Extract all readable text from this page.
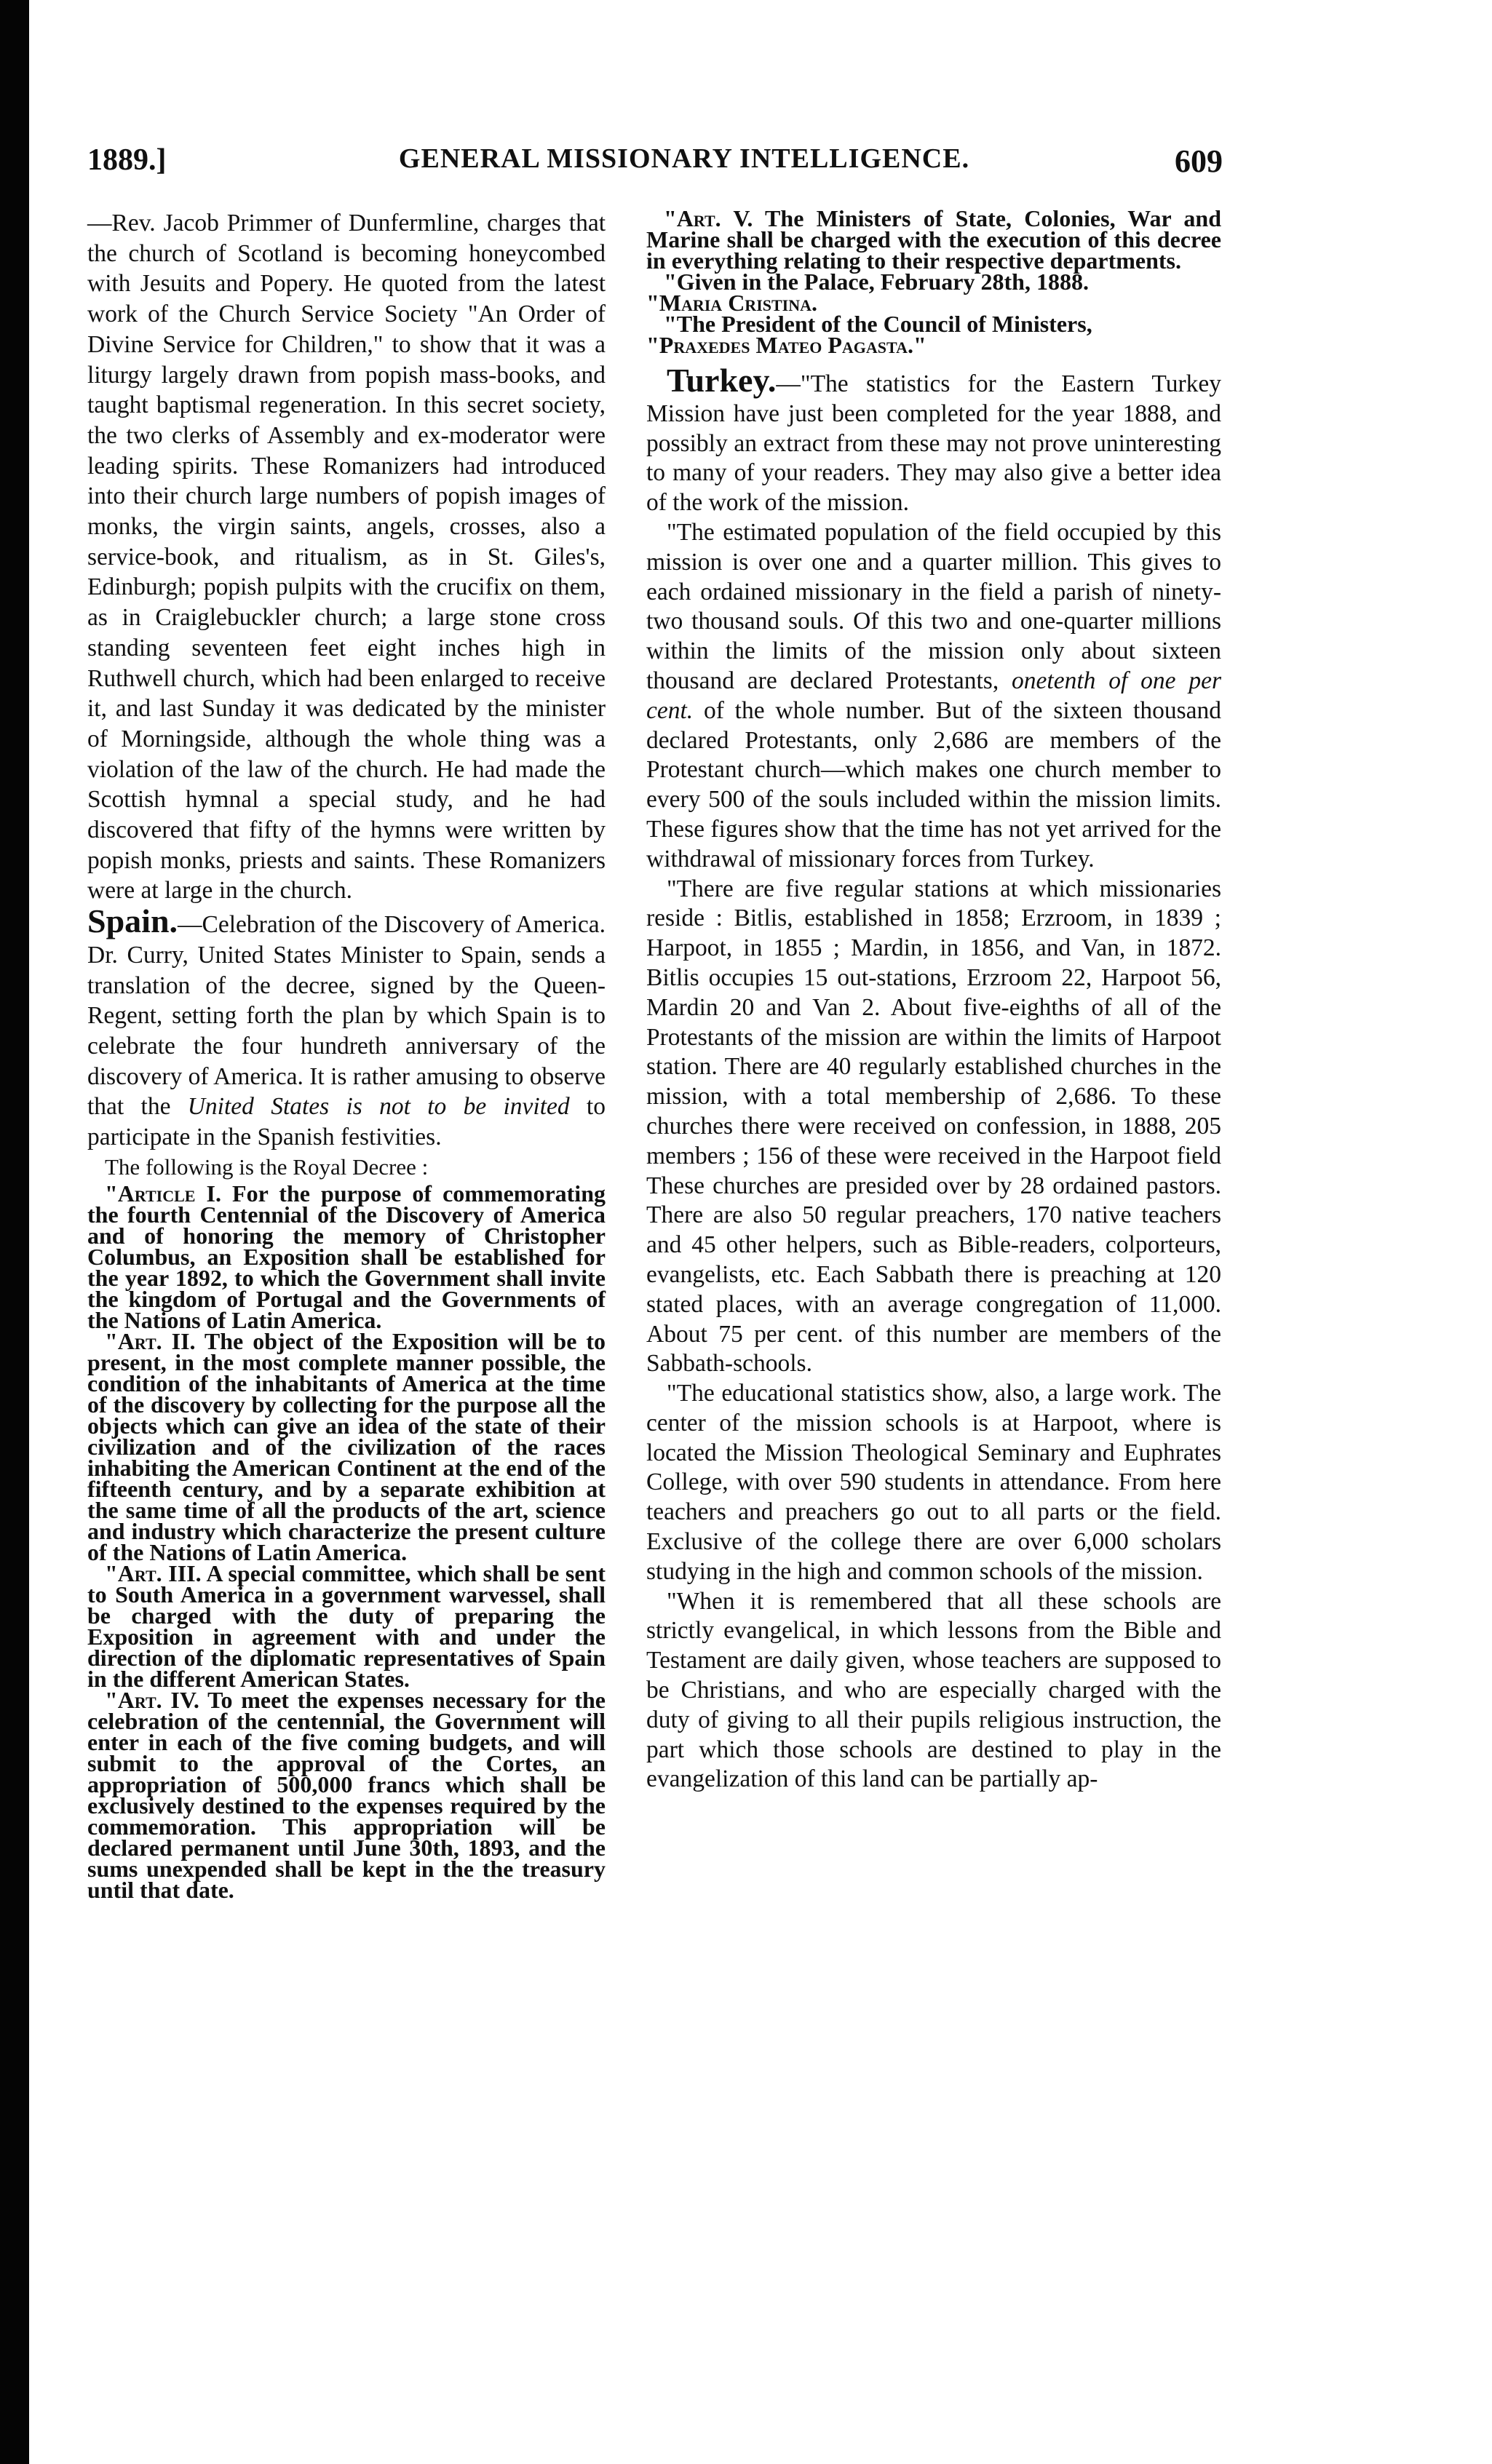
1889.]	GENERAL MISSIONARY INTELLIGENCE.	609

—Rev. Jacob Primmer of Dunfermline, charges that the church of Scotland is becoming honeycombed with Jesuits and Popery. He quoted from the latest work of the Church Service Society "An Order of Divine Service for Children," to show that it was a liturgy largely drawn from popish mass-books, and taught baptismal regeneration. In this secret society, the two clerks of Assembly and ex-moderator were leading spirits. These Romanizers had introduced into their church large numbers of popish images of monks, the virgin saints, angels, crosses, also a service-book, and ritualism, as in St. Giles's, Edinburgh; popish pulpits with the crucifix on them, as in Craiglebuckler church; a large stone cross standing seventeen feet eight inches high in Ruthwell church, which had been enlarged to receive it, and last Sunday it was dedicated by the minister of Morningside, although the whole thing was a violation of the law of the church. He had made the Scottish hymnal a special study, and he had discovered that fifty of the hymns were written by popish monks, priests and saints. These Romanizers were at large in the church.

Spain.—Celebration of the Discovery of America. Dr. Curry, United States Minister to Spain, sends a translation of the decree, signed by the Queen-Regent, setting forth the plan by which Spain is to celebrate the four hundreth anniversary of the discovery of America. It is rather amusing to observe that the United States is not to be invited to participate in the Spanish festivities.

The following is the Royal Decree :

"Article I. For the purpose of commemorating the fourth Centennial of the Discovery of America and of honoring the memory of Christopher Columbus, an Exposition shall be established for the year 1892, to which the Government shall invite the kingdom of Portugal and the Governments of the Nations of Latin America.

"Art. II. The object of the Exposition will be to present, in the most complete manner possible, the condition of the inhabitants of America at the time of the discovery by collecting for the purpose all the objects which can give an idea of the state of their civilization and of the civilization of the races inhabiting the American Continent at the end of the fifteenth century, and by a separate exhibition at the same time of all the products of the art, science and industry which characterize the present culture of the Nations of Latin America.

"Art. III. A special committee, which shall be sent to South America in a government warvessel, shall be charged with the duty of preparing the Exposition in agreement with and under the direction of the diplomatic representatives of Spain in the different American States.

"Art. IV. To meet the expenses necessary for the celebration of the centennial, the Government will enter in each of the five coming budgets, and will submit to the approval of the Cortes, an appropriation of 500,000 francs which shall be exclusively destined to the expenses required by the commemoration. This appropriation will be declared permanent until June 30th, 1893, and the sums unexpended shall be kept in the the treasury until that date.

"Art. V. The Ministers of State, Colonies, War and Marine shall be charged with the execution of this decree in everything relating to their respective departments.

"Given in the Palace, February 28th, 1888.

"Maria Cristina.

"The President of the Council of Ministers,

"Praxedes Mateo Pagasta."

Turkey.—"The statistics for the Eastern Turkey Mission have just been completed for the year 1888, and possibly an extract from these may not prove uninteresting to many of your readers. They may also give a better idea of the work of the mission.

"The estimated population of the field occupied by this mission is over one and a quarter million. This gives to each ordained missionary in the field a parish of ninety-two thousand souls. Of this two and one-quarter millions within the limits of the mission only about sixteen thousand are declared Protestants, onetenth of one per cent. of the whole number. But of the sixteen thousand declared Protestants, only 2,686 are members of the Protestant church—which makes one church member to every 500 of the souls included within the mission limits. These figures show that the time has not yet arrived for the withdrawal of missionary forces from Turkey.

"There are five regular stations at which missionaries reside : Bitlis, established in 1858; Erzroom, in 1839 ; Harpoot, in 1855 ; Mardin, in 1856, and Van, in 1872. Bitlis occupies 15 out-stations, Erzroom 22, Harpoot 56, Mardin 20 and Van 2. About five-eighths of all of the Protestants of the mission are within the limits of Harpoot station. There are 40 regularly established churches in the mission, with a total membership of 2,686. To these churches there were received on confession, in 1888, 205 members ; 156 of these were received in the Harpoot field These churches are presided over by 28 ordained pastors. There are also 50 regular preachers, 170 native teachers and 45 other helpers, such as Bible-readers, colporteurs, evangelists, etc. Each Sabbath there is preaching at 120 stated places, with an average congregation of 11,000. About 75 per cent. of this number are members of the Sabbath-schools.

"The educational statistics show, also, a large work. The center of the mission schools is at Harpoot, where is located the Mission Theological Seminary and Euphrates College, with over 590 students in attendance. From here teachers and preachers go out to all parts or the field. Exclusive of the college there are over 6,000 scholars studying in the high and common schools of the mission.

"When it is remembered that all these schools are strictly evangelical, in which lessons from the Bible and Testament are daily given, whose teachers are supposed to be Christians, and who are especially charged with the duty of giving to all their pupils religious instruction, the part which those schools are destined to play in the evangelization of this land can be partially ap-
